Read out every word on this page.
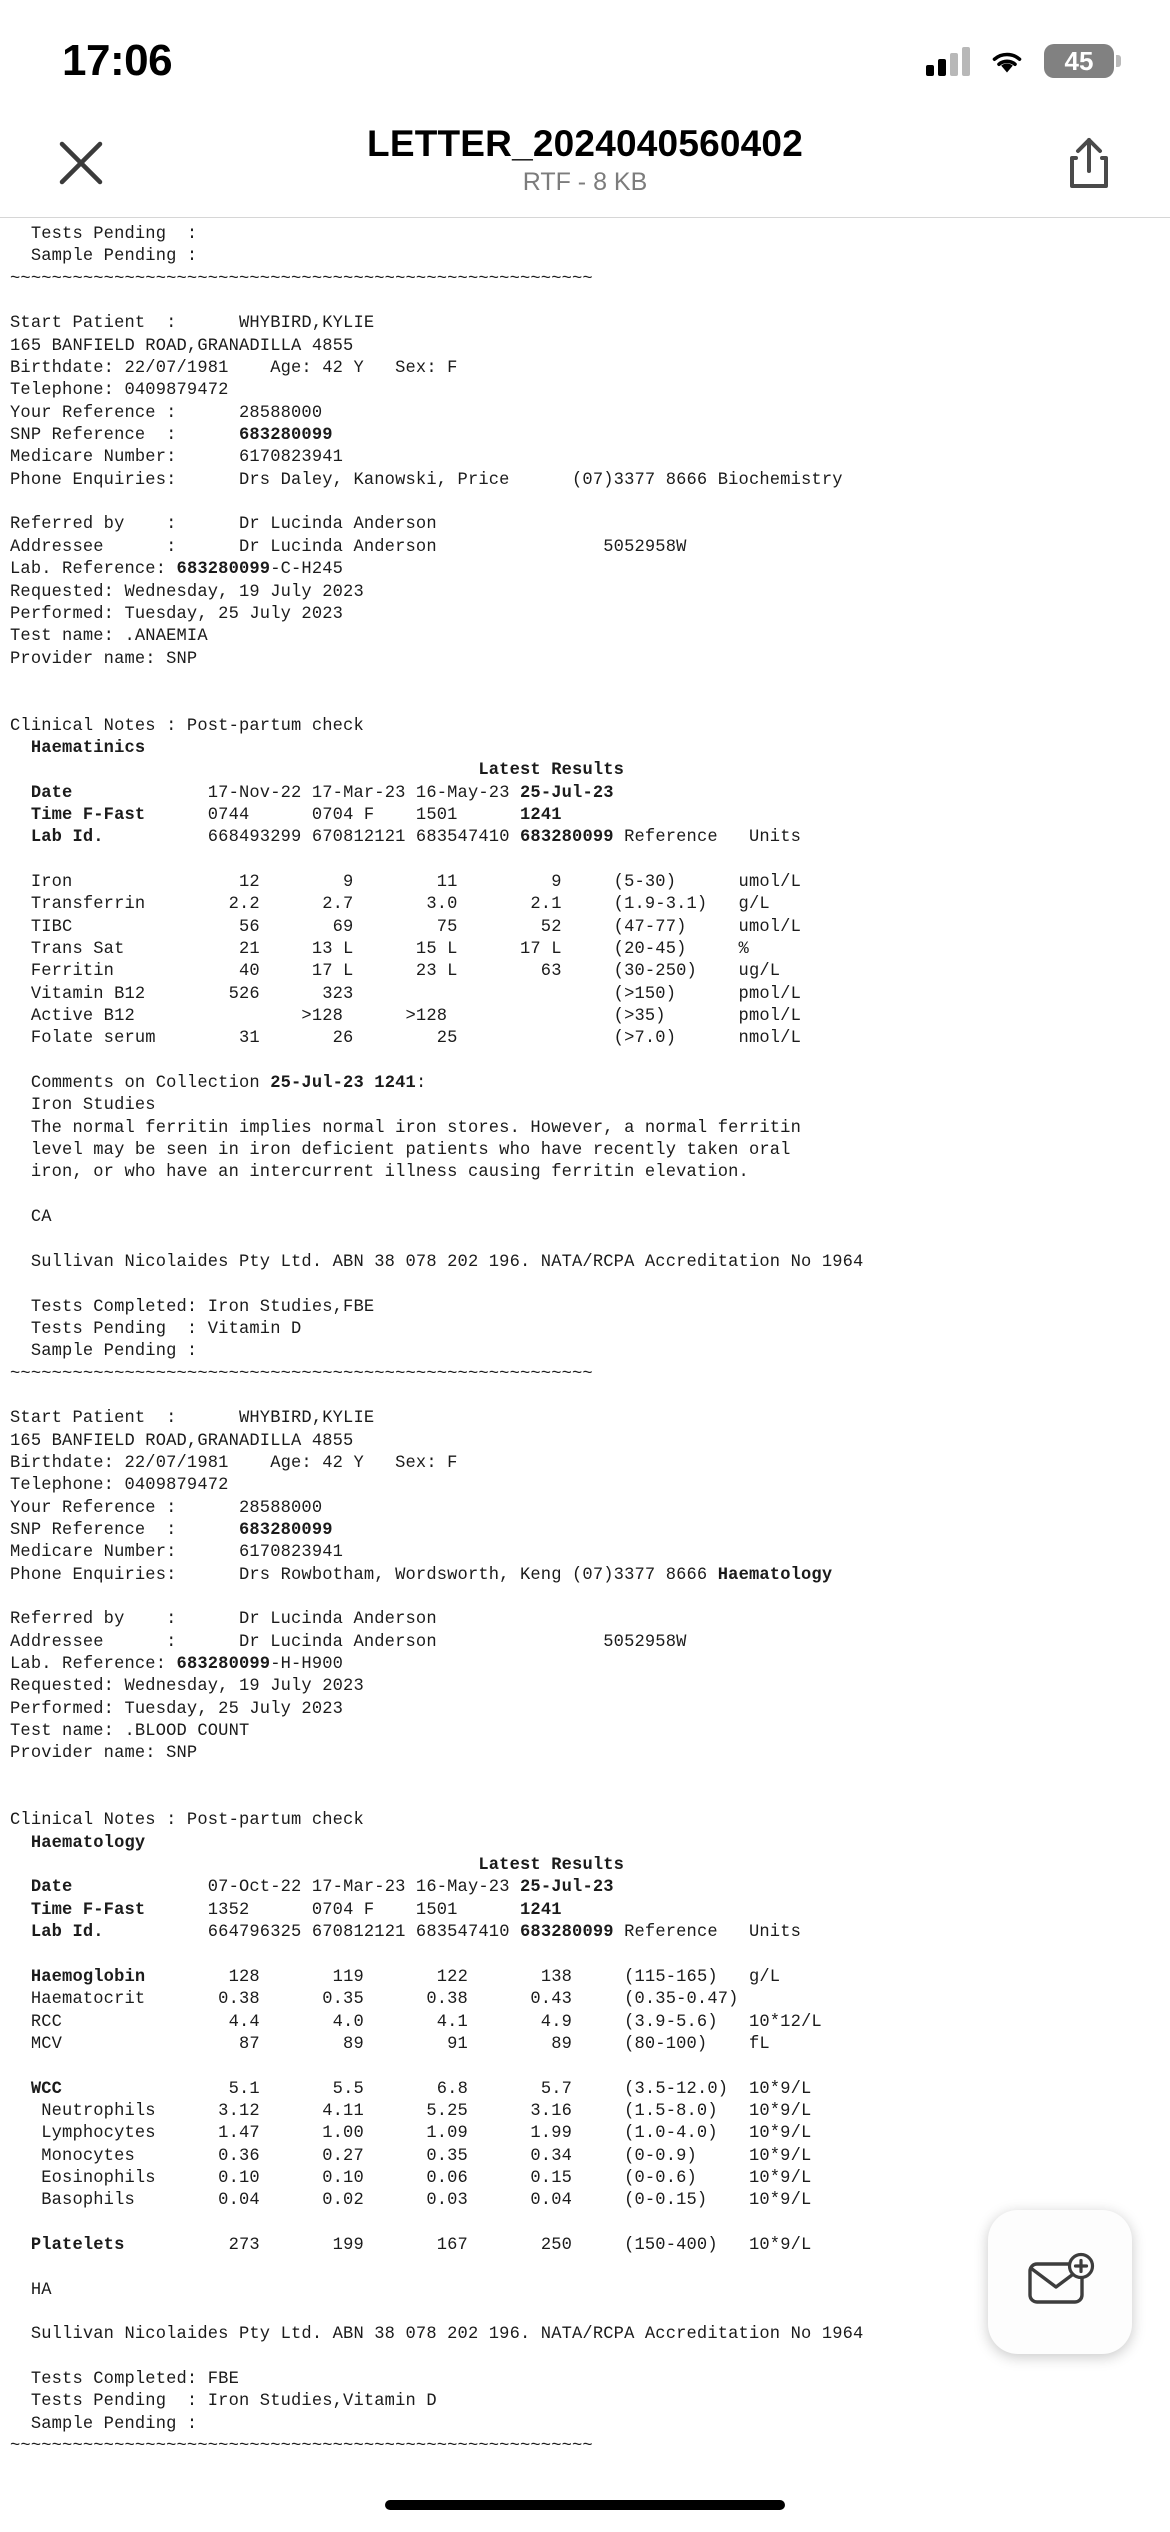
17:06	45
LETTER_2024040560402
RTF - 8 KB
Tests Pending  :
Sample Pending :
~~~~~~~~~~~~~~~~~~~~~~~~~~~~~~~~~~~~~~~~~~~~~~~~~~~~~~~~

Start Patient  :      WHYBIRD,KYLIE
165 BANFIELD ROAD,GRANADILLA 4855
Birthdate: 22/07/1981    Age: 42 Y   Sex: F
Telephone: 0409879472
Your Reference :      28588000
SNP Reference  :      683280099
Medicare Number:      6170823941
Phone Enquiries:      Drs Daley, Kanowski, Price      (07)3377 8666 Biochemistry

Referred by    :      Dr Lucinda Anderson
Addressee      :      Dr Lucinda Anderson                5052958W
Lab. Reference: 683280099-C-H245
Requested: Wednesday, 19 July 2023
Performed: Tuesday, 25 July 2023
Test name: .ANAEMIA
Provider name: SNP

Clinical Notes : Post-partum check
Haematinics
Latest Results
Date             17-Nov-22 17-Mar-23 16-May-23 25-Jul-23
Time F-Fast      0744      0704 F    1501      1241
Lab Id.          668493299 670812121 683547410 683280099 Reference   Units

Iron                12        9        11         9     (5-30)      umol/L
Transferrin        2.2      2.7       3.0       2.1     (1.9-3.1)   g/L
TIBC                56       69        75        52     (47-77)     umol/L
Trans Sat           21     13 L      15 L      17 L     (20-45)     %
Ferritin            40     17 L      23 L        63     (30-250)    ug/L
Vitamin B12        526      323                         (>150)      pmol/L
Active B12                >128      >128                (>35)       pmol/L
Folate serum        31       26        25               (>7.0)      nmol/L

Comments on Collection 25-Jul-23 1241:
Iron Studies
The normal ferritin implies normal iron stores. However, a normal ferritin
level may be seen in iron deficient patients who have recently taken oral
iron, or who have an intercurrent illness causing ferritin elevation.

CA

Sullivan Nicolaides Pty Ltd. ABN 38 078 202 196. NATA/RCPA Accreditation No 1964

Tests Completed: Iron Studies,FBE
Tests Pending  : Vitamin D
Sample Pending :
~~~~~~~~~~~~~~~~~~~~~~~~~~~~~~~~~~~~~~~~~~~~~~~~~~~~~~~~

Start Patient  :      WHYBIRD,KYLIE
165 BANFIELD ROAD,GRANADILLA 4855
Birthdate: 22/07/1981    Age: 42 Y   Sex: F
Telephone: 0409879472
Your Reference :      28588000
SNP Reference  :      683280099
Medicare Number:      6170823941
Phone Enquiries:      Drs Rowbotham, Wordsworth, Keng (07)3377 8666 Haematology

Referred by    :      Dr Lucinda Anderson
Addressee      :      Dr Lucinda Anderson                5052958W
Lab. Reference: 683280099-H-H900
Requested: Wednesday, 19 July 2023
Performed: Tuesday, 25 July 2023
Test name: .BLOOD COUNT
Provider name: SNP

Clinical Notes : Post-partum check
Haematology
Latest Results
Date             07-Oct-22 17-Mar-23 16-May-23 25-Jul-23
Time F-Fast      1352      0704 F    1501      1241
Lab Id.          664796325 670812121 683547410 683280099 Reference   Units

Haemoglobin        128       119       122       138     (115-165)   g/L
Haematocrit       0.38      0.35      0.38      0.43     (0.35-0.47)
RCC                4.4       4.0       4.1       4.9     (3.9-5.6)   10*12/L
MCV                 87        89        91        89     (80-100)    fL

WCC                5.1       5.5       6.8       5.7     (3.5-12.0)  10*9/L
Neutrophils      3.12      4.11      5.25      3.16     (1.5-8.0)   10*9/L
Lymphocytes      1.47      1.00      1.09      1.99     (1.0-4.0)   10*9/L
Monocytes        0.36      0.27      0.35      0.34     (0-0.9)     10*9/L
Eosinophils      0.10      0.10      0.06      0.15     (0-0.6)     10*9/L
Basophils        0.04      0.02      0.03      0.04     (0-0.15)    10*9/L

Platelets          273       199       167       250     (150-400)   10*9/L

HA

Sullivan Nicolaides Pty Ltd. ABN 38 078 202 196. NATA/RCPA Accreditation No 1964

Tests Completed: FBE
Tests Pending  : Iron Studies,Vitamin D
Sample Pending :
~~~~~~~~~~~~~~~~~~~~~~~~~~~~~~~~~~~~~~~~~~~~~~~~~~~~~~~~
